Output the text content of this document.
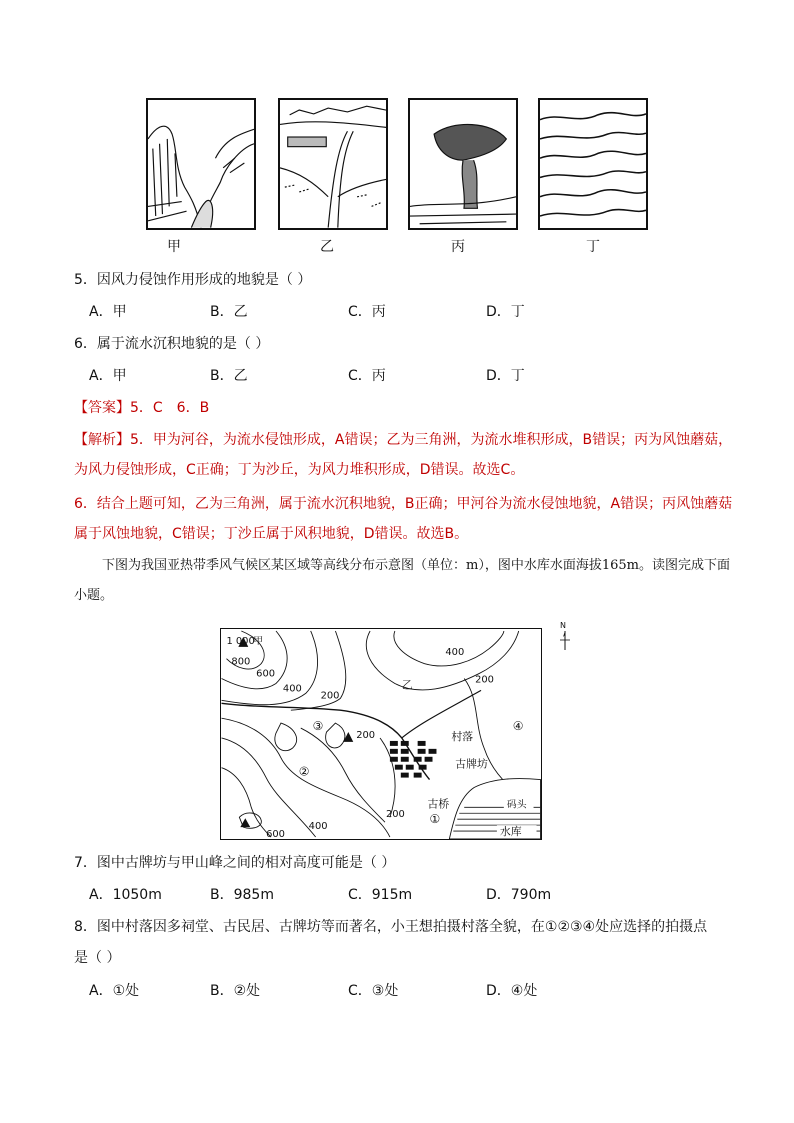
甲	乙	丙	丁
5．因风力侵蚀作用形成的地貌是（ ）
A．甲	B．乙	C．丙	D．丁
6．属于流水沉积地貌的是（ ）
A．甲	B．乙	C．丙	D．丁
【答案】5．C　6．B
【解析】5．甲为河谷，为流水侵蚀形成，A错误；乙为三角洲，为流水堆积形成，B错误；丙为风蚀蘑菇，为风力侵蚀形成，C正确；丁为沙丘，为风力堆积形成，D错误。故选C。
6．结合上题可知，乙为三角洲，属于流水沉积地貌，B正确；甲河谷为流水侵蚀地貌，A错误；丙风蚀蘑菇属于风蚀地貌，C错误；丁沙丘属于风积地貌，D错误。故选B。
下图为我国亚热带季风气候区某区域等高线分布示意图（单位：m），图中水库水面海拔165m。读图完成下面小题。
1 000
甲
800
600
400
200
400
200
200
200
600
400
乙
村落
古牌坊
古桥	码头
水库
③
②
①
④
N
7．图中古牌坊与甲山峰之间的相对高度可能是（ ）
A．1050m	B．985m	C．915m	D．790m
8．图中村落因多祠堂、古民居、古牌坊等而著名，小王想拍摄村落全貌，在①②③④处应选择的拍摄点
是（ ）
A．①处	B．②处	C．③处	D．④处
